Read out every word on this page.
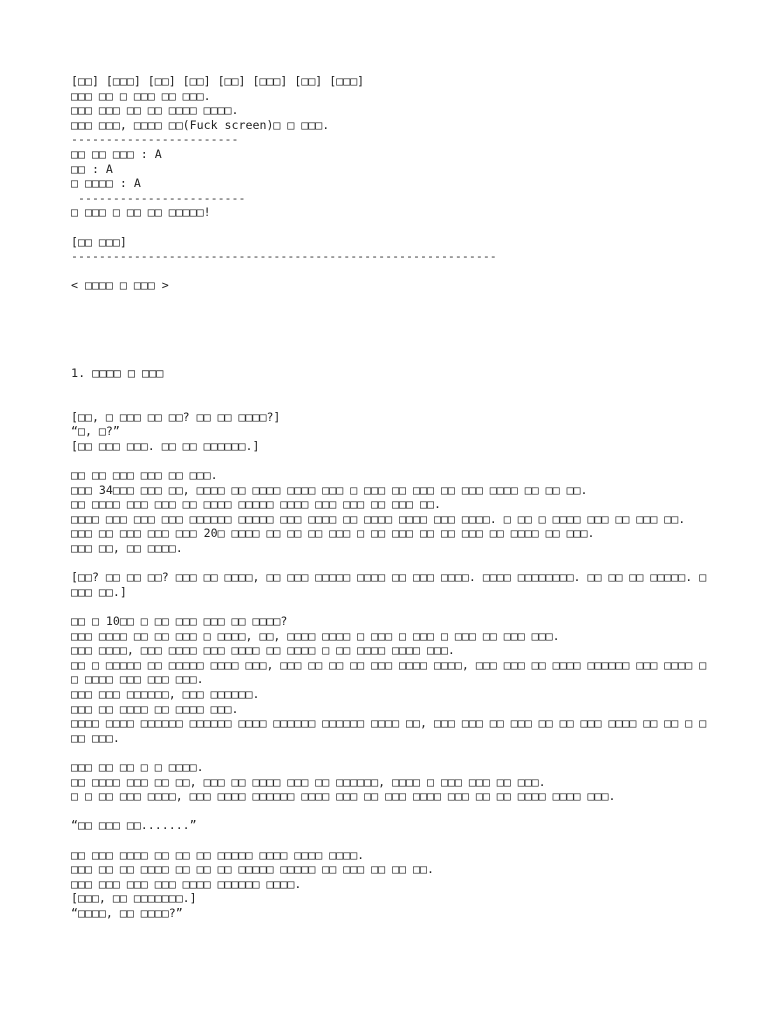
[□□] [□□□] [□□] [□□] [□□] [□□□] [□□] [□□□]
□□□ □□ □ □□□ □□ □□□.
□□□ □□□ □□ □□ □□□□ □□□□.
□□□ □□□, □□□□ □□(Fuck screen)□ □ □□□.
------------------------
□□ □□ □□□ : A
□□ : A
□ □□□□ : A
------------------------
□ □□□ □ □□ □□ □□□□□!
[□□ □□□]
-------------------------------------------------------------
< □□□□ □ □□□ >
1. □□□□ □ □□□
[□□, □ □□□ □□ □□? □□ □□ □□□□?]
“□, □?”
[□□ □□□ □□□. □□ □□ □□□□□□.]
□□ □□ □□□ □□□ □□ □□□.
□□□ 34□□□ □□□ □□, □□□□ □□ □□□□ □□□□ □□□ □ □□□ □□ □□□ □□ □□□ □□□□ □□ □□ □□.
□□ □□□□ □□□ □□□ □□ □□□□ □□□□□ □□□□ □□□ □□□ □□ □□□ □□.
□□□□ □□□ □□□ □□□ □□□□□□ □□□□□ □□□ □□□□ □□ □□□□ □□□□ □□□ □□□□. □ □□ □ □□□□ □□□ □□ □□□ □□.
□□□ □□ □□□ □□□ □□□ 20□ □□□□ □□ □□ □□ □□□ □ □□ □□□ □□ □□ □□□ □□ □□□□ □□ □□□.
□□□ □□, □□ □□□□.
[□□? □□ □□ □□? □□□ □□ □□□□, □□ □□□ □□□□□ □□□□ □□ □□□ □□□□. □□□□ □□□□□□□□. □□ □□ □□ □□□□□. □□□□ □□.]
□□ □ 10□□ □ □□ □□□ □□□ □□ □□□□?
□□□ □□□□ □□ □□ □□□ □ □□□□, □□, □□□□ □□□□ □ □□□ □ □□□ □ □□□ □□ □□□ □□□.
□□□ □□□□, □□□ □□□□ □□□ □□□□ □□ □□□□ □ □□ □□□□ □□□□ □□□.
□□ □ □□□□□ □□ □□□□□ □□□□ □□□, □□□ □□ □□ □□ □□□ □□□□ □□□□, □□□ □□□ □□ □□□□ □□□□□□ □□□ □□□□ □□ □□□□ □□□ □□□ □□□.
□□□ □□□ □□□□□□, □□□ □□□□□□.
□□□ □□ □□□□ □□ □□□□ □□□.
□□□□ □□□□ □□□□□□ □□□□□□ □□□□ □□□□□□ □□□□□□ □□□□ □□, □□□ □□□ □□ □□□ □□ □□ □□□ □□□□ □□ □□ □ □□□ □□□.
□□□ □□ □□ □ □ □□□□.
□□ □□□□ □□□ □□ □□, □□□ □□ □□□□ □□□ □□ □□□□□□, □□□□ □ □□□ □□□ □□ □□□.
□ □ □□ □□□ □□□□, □□□ □□□□ □□□□□□ □□□□ □□□ □□ □□□ □□□□ □□□ □□ □□ □□□□ □□□□ □□□.
“□□ □□□ □□.......”
□□ □□□ □□□□ □□ □□ □□ □□□□□ □□□□ □□□□ □□□□.
□□□ □□ □□ □□□□ □□ □□ □□ □□□□□ □□□□□ □□ □□□ □□ □□ □□.
□□□ □□□ □□□ □□□ □□□□ □□□□□□ □□□□.
[□□□, □□ □□□□□□□.]
“□□□□, □□ □□□□?”
